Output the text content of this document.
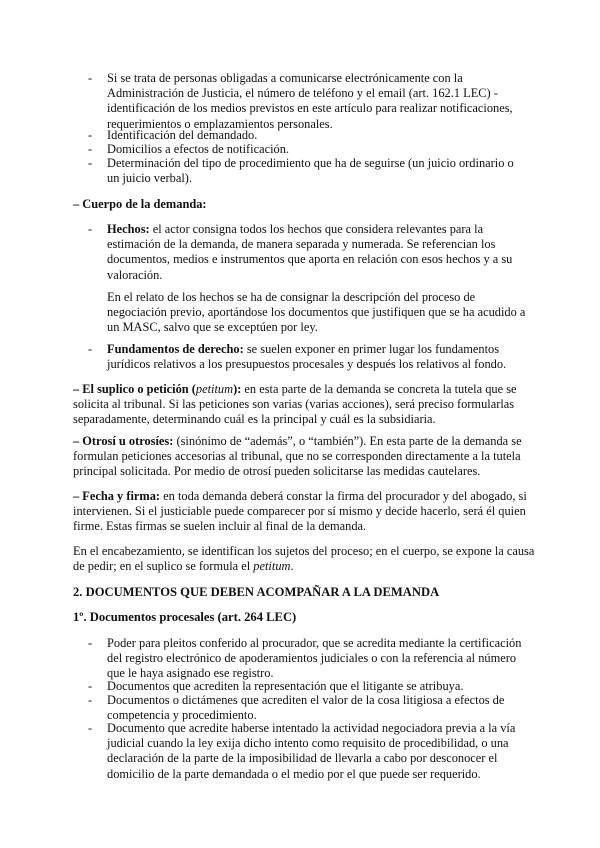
- Si se trata de personas obligadas a comunicarse electrónicamente con la Administración de Justicia, el número de teléfono y el email (art. 162.1 LEC) - identificación de los medios previstos en este artículo para realizar notificaciones, requerimientos o emplazamientos personales.
- Identificación del demandado.
- Domicilios a efectos de notificación.
- Determinación del tipo de procedimiento que ha de seguirse (un juicio ordinario o un juicio verbal).
– Cuerpo de la demanda:
- Hechos: el actor consigna todos los hechos que considera relevantes para la estimación de la demanda, de manera separada y numerada. Se referencian los documentos, medios e instrumentos que aporta en relación con esos hechos y a su valoración.
En el relato de los hechos se ha de consignar la descripción del proceso de negociación previo, aportándose los documentos que justifiquen que se ha acudido a un MASC, salvo que se exceptúen por ley.
- Fundamentos de derecho: se suelen exponer en primer lugar los fundamentos jurídicos relativos a los presupuestos procesales y después los relativos al fondo.
– El suplico o petición (petitum): en esta parte de la demanda se concreta la tutela que se solicita al tribunal. Si las peticiones son varias (varias acciones), será preciso formularlas separadamente, determinando cuál es la principal y cuál es la subsidiaria.
– Otrosí u otrosíes: (sinónimo de “además”, o “también”). En esta parte de la demanda se formulan peticiones accesorias al tribunal, que no se corresponden directamente a la tutela principal solicitada. Por medio de otrosí pueden solicitarse las medidas cautelares.
– Fecha y firma: en toda demanda deberá constar la firma del procurador y del abogado, si intervienen. Si el justiciable puede comparecer por sí mismo y decide hacerlo, será él quien firme. Estas firmas se suelen incluir al final de la demanda.
En el encabezamiento, se identifican los sujetos del proceso; en el cuerpo, se expone la causa de pedir; en el suplico se formula el petitum.
2. DOCUMENTOS QUE DEBEN ACOMPAÑAR A LA DEMANDA
1º. Documentos procesales (art. 264 LEC)
- Poder para pleitos conferido al procurador, que se acredita mediante la certificación del registro electrónico de apoderamientos judiciales o con la referencia al número que le haya asignado ese registro.
- Documentos que acrediten la representación que el litigante se atribuya.
- Documentos o dictámenes que acrediten el valor de la cosa litigiosa a efectos de competencia y procedimiento.
- Documento que acredite haberse intentado la actividad negociadora previa a la vía judicial cuando la ley exija dicho intento como requisito de procedibilidad, o una declaración de la parte de la imposibilidad de llevarla a cabo por desconocer el domicilio de la parte demandada o el medio por el que puede ser requerido.
